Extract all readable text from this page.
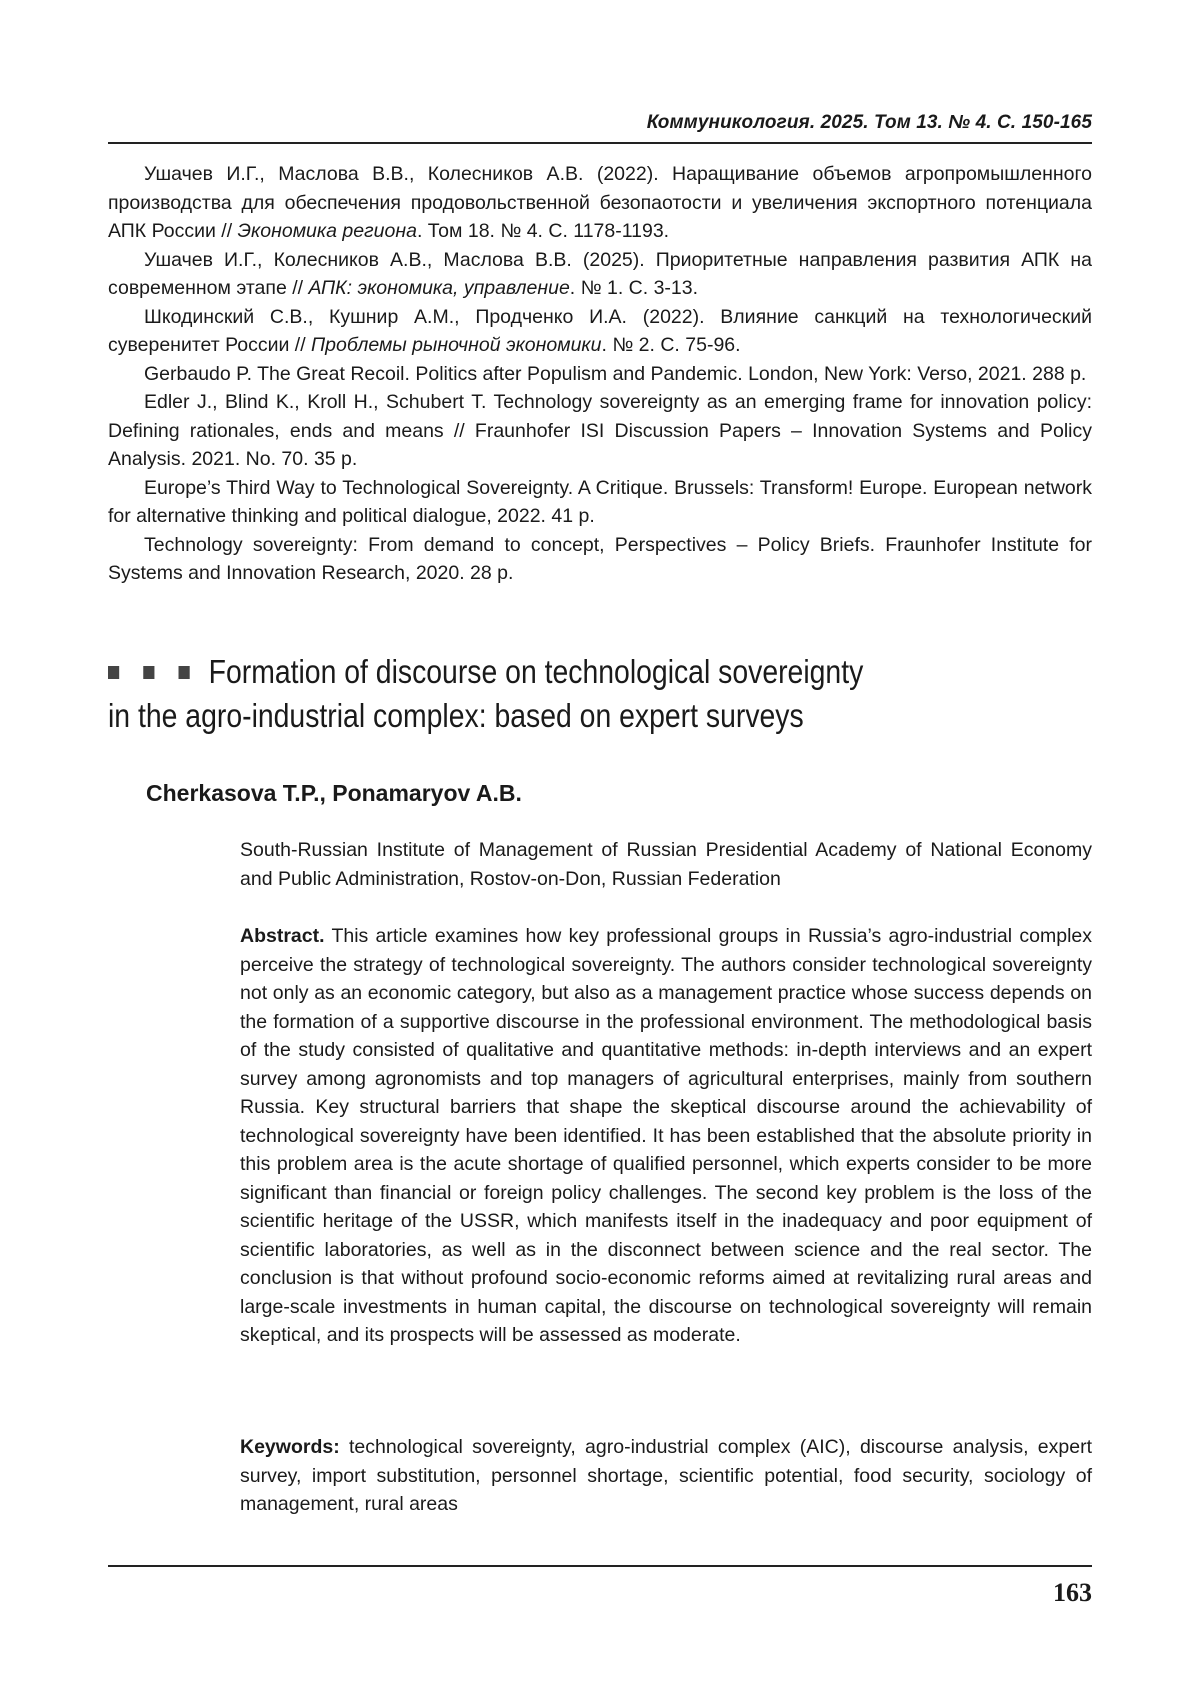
Коммуникология. 2025. Том 13. № 4. С. 150-165

Ушачев И.Г., Маслова В.В., Колесников А.В. (2022). Наращивание объемов агропромышленного производства для обеспечения продовольственной безопаотости и увеличения экспортного потенциала АПК России // Экономика региона. Том 18. № 4. С. 1178-1193.

Ушачев И.Г., Колесников А.В., Маслова В.В. (2025). Приоритетные направления развития АПК на современном этапе // АПК: экономика, управление. № 1. С. 3-13.

Шкодинский С.В., Кушнир А.М., Продченко И.А. (2022). Влияние санкций на технологический суверенитет России // Проблемы рыночной экономики. № 2. С. 75-96.

Gerbaudo P. The Great Recoil. Politics after Populism and Pandemic. London, New York: Verso, 2021. 288 p.

Edler J., Blind K., Kroll H., Schubert T. Technology sovereignty as an emerging frame for innovation policy: Defining rationales, ends and means // Fraunhofer ISI Discussion Papers – Innovation Systems and Policy Analysis. 2021. No. 70. 35 p.

Europe’s Third Way to Technological Sovereignty. A Critique. Brussels: Transform! Europe. European network for alternative thinking and political dialogue, 2022. 41 p.

Technology sovereignty: From demand to concept, Perspectives – Policy Briefs. Fraunhofer Institute for Systems and Innovation Research, 2020. 28 p.

Formation of discourse on technological sovereignty
in the agro-industrial complex: based on expert surveys
Cherkasova T.P., Ponamaryov A.B.
South-Russian Institute of Management of Russian Presidential Academy of National Economy and Public Administration, Rostov-on-Don, Russian Federation

Abstract. This article examines how key professional groups in Russia’s agro-industrial complex perceive the strategy of technological sovereignty. The authors consider technological sovereignty not only as an economic category, but also as a management practice whose success depends on the formation of a supportive discourse in the professional environment. The methodological basis of the study consisted of qualitative and quantitative methods: in-depth interviews and an expert survey among agronomists and top managers of agricultural enterprises, mainly from southern Russia. Key structural barriers that shape the skeptical discourse around the achievability of technological sovereignty have been identified. It has been established that the absolute priority in this problem area is the acute shortage of qualified personnel, which experts consider to be more significant than financial or foreign policy challenges. The second key problem is the loss of the scientific heritage of the USSR, which manifests itself in the inadequacy and poor equipment of scientific laboratories, as well as in the disconnect between science and the real sector. The conclusion is that without profound socio-economic reforms aimed at revitalizing rural areas and large-scale investments in human capital, the discourse on technological sovereignty will remain skeptical, and its prospects will be assessed as moderate.

Keywords: technological sovereignty, agro-industrial complex (AIC), discourse analysis, expert survey, import substitution, personnel shortage, scientific potential, food security, sociology of management, rural areas

163
